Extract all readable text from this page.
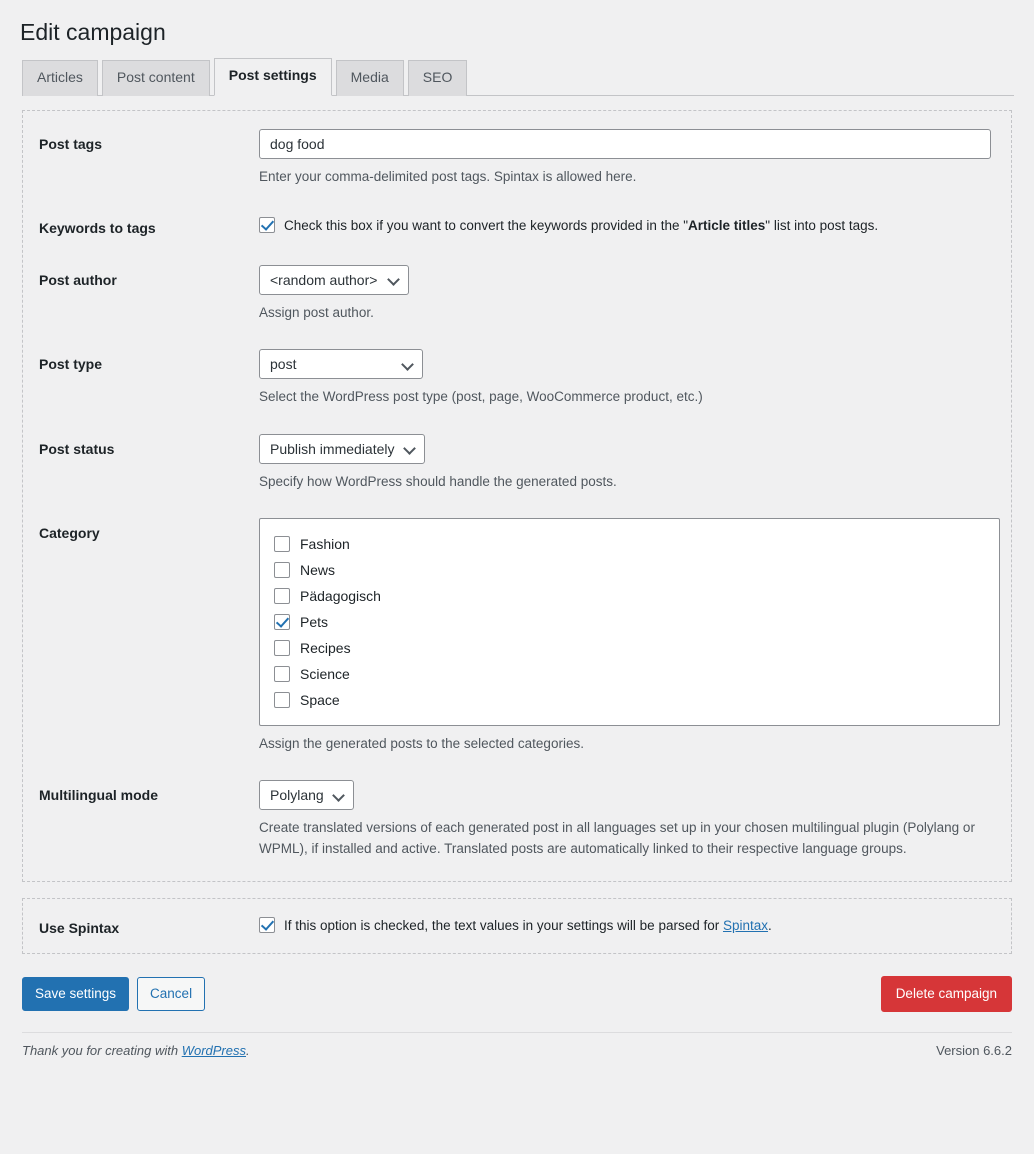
Edit campaign
Articles	Post content	Post settings	Media	SEO
Post tags
dog food
Enter your comma-delimited post tags. Spintax is allowed here.
Keywords to tags	Check this box if you want to convert the keywords provided in the "Article titles" list into post tags.
Post author	<random author>
Assign post author.
Post type	post
Select the WordPress post type (post, page, WooCommerce product, etc.)
Post status	Publish immediately
Specify how WordPress should handle the generated posts.
Category
Fashion
News
Pädagogisch
Pets
Recipes
Science
Space
Assign the generated posts to the selected categories.
Multilingual mode	Polylang
Create translated versions of each generated post in all languages set up in your chosen multilingual plugin (Polylang or WPML), if installed and active. Translated posts are automatically linked to their respective language groups.
Use Spintax	If this option is checked, the text values in your settings will be parsed for Spintax.
Save settings	Cancel	Delete campaign
Thank you for creating with WordPress.	Version 6.6.2
